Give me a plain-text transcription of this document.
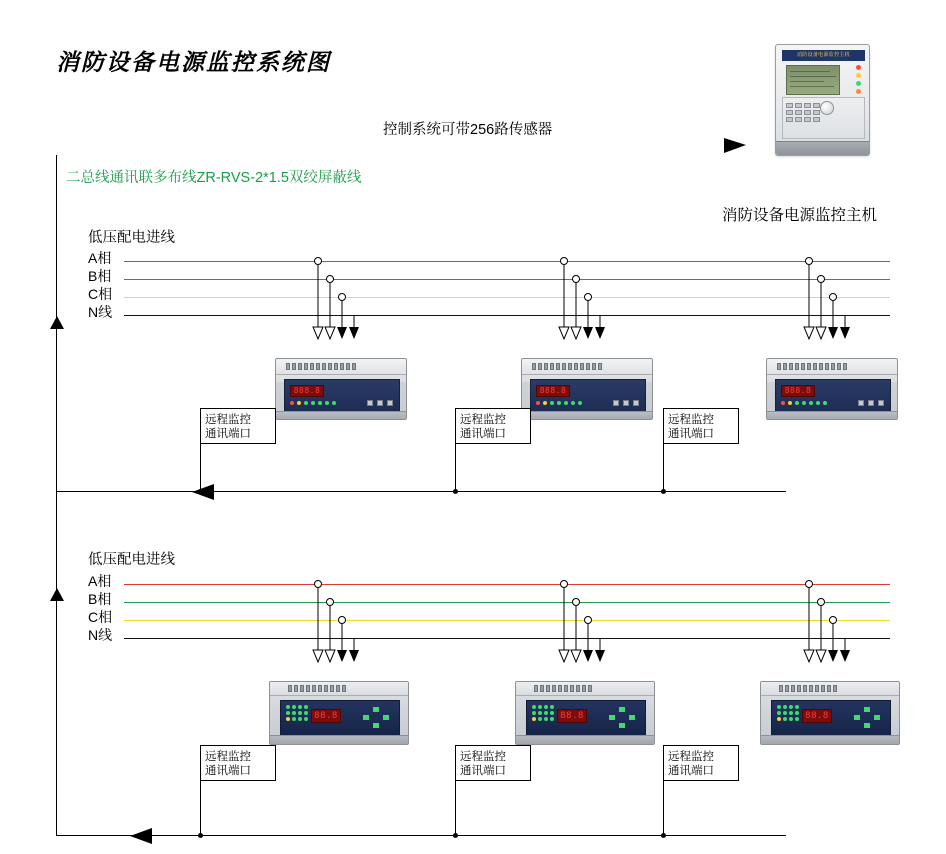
消防设备电源监控系统图	消防设备电源监控主机
消防设备电源监控主机
控制系统可带256路传感器
二总线通讯联多布线ZR-RVS-2*1.5双绞屏蔽线
低压配电进线
A相
B相
C相
N线
888.8	888.8	888.8
远程监控
通讯端口
远程监控
通讯端口
远程监控
通讯端口
低压配电进线
A相
B相
C相
N线
88.8	88.8	88.8
远程监控
通讯端口
远程监控
通讯端口
远程监控
通讯端口
